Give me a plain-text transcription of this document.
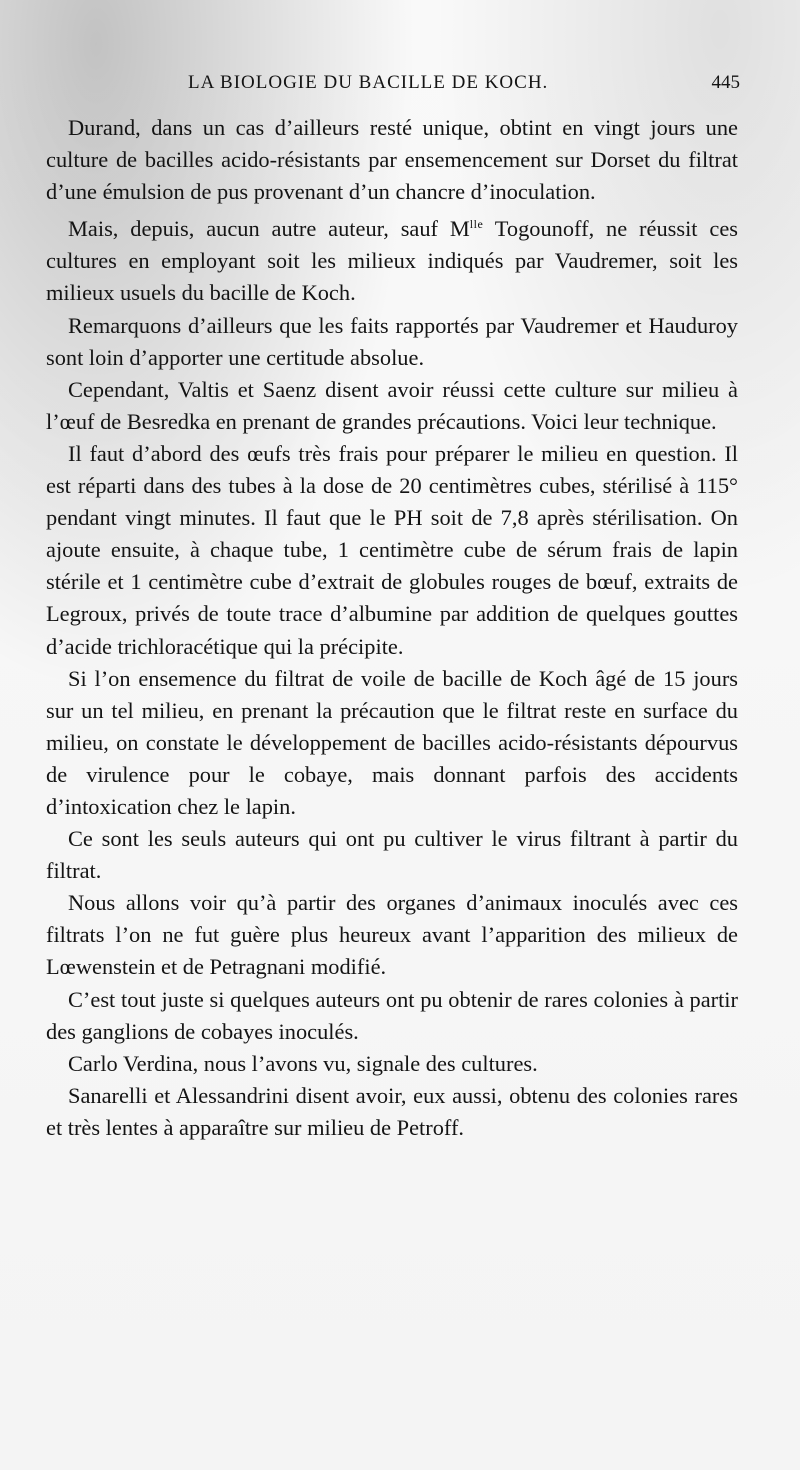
LA BIOLOGIE DU BACILLE DE KOCH.	445

Durand, dans un cas d’ailleurs resté unique, obtint en vingt jours une culture de bacilles acido-résistants par ensemencement sur Dorset du filtrat d’une émulsion de pus provenant d’un chancre d’inoculation.

Mais, depuis, aucun autre auteur, sauf $M^{lle}$ Togounoff, ne réussit ces cultures en employant soit les milieux indiqués par Vaudremer, soit les milieux usuels du bacille de Koch.

Remarquons d’ailleurs que les faits rapportés par Vaudremer et Hauduroy sont loin d’apporter une certitude absolue.

Cependant, Valtis et Saenz disent avoir réussi cette culture sur milieu à l’œuf de Besredka en prenant de grandes précautions. Voici leur technique.

Il faut d’abord des œufs très frais pour préparer le milieu en question. Il est réparti dans des tubes à la dose de 20 centimètres cubes, stérilisé à 115° pendant vingt minutes. Il faut que le PH soit de 7,8 après stérilisation. On ajoute ensuite, à chaque tube, 1 centimètre cube de sérum frais de lapin stérile et 1 centimètre cube d’extrait de globules rouges de bœuf, extraits de Legroux, privés de toute trace d’albumine par addition de quelques gouttes d’acide trichloracétique qui la précipite.

Si l’on ensemence du filtrat de voile de bacille de Koch âgé de 15 jours sur un tel milieu, en prenant la précaution que le filtrat reste en surface du milieu, on constate le développement de bacilles acido-résistants dépourvus de virulence pour le cobaye, mais donnant parfois des accidents d’intoxication chez le lapin.

Ce sont les seuls auteurs qui ont pu cultiver le virus filtrant à partir du filtrat.

Nous allons voir qu’à partir des organes d’animaux inoculés avec ces filtrats l’on ne fut guère plus heureux avant l’apparition des milieux de Lœwenstein et de Petragnani modifié.

C’est tout juste si quelques auteurs ont pu obtenir de rares colonies à partir des ganglions de cobayes inoculés.

Carlo Verdina, nous l’avons vu, signale des cultures.

Sanarelli et Alessandrini disent avoir, eux aussi, obtenu des colonies rares et très lentes à apparaître sur milieu de Petroff.
